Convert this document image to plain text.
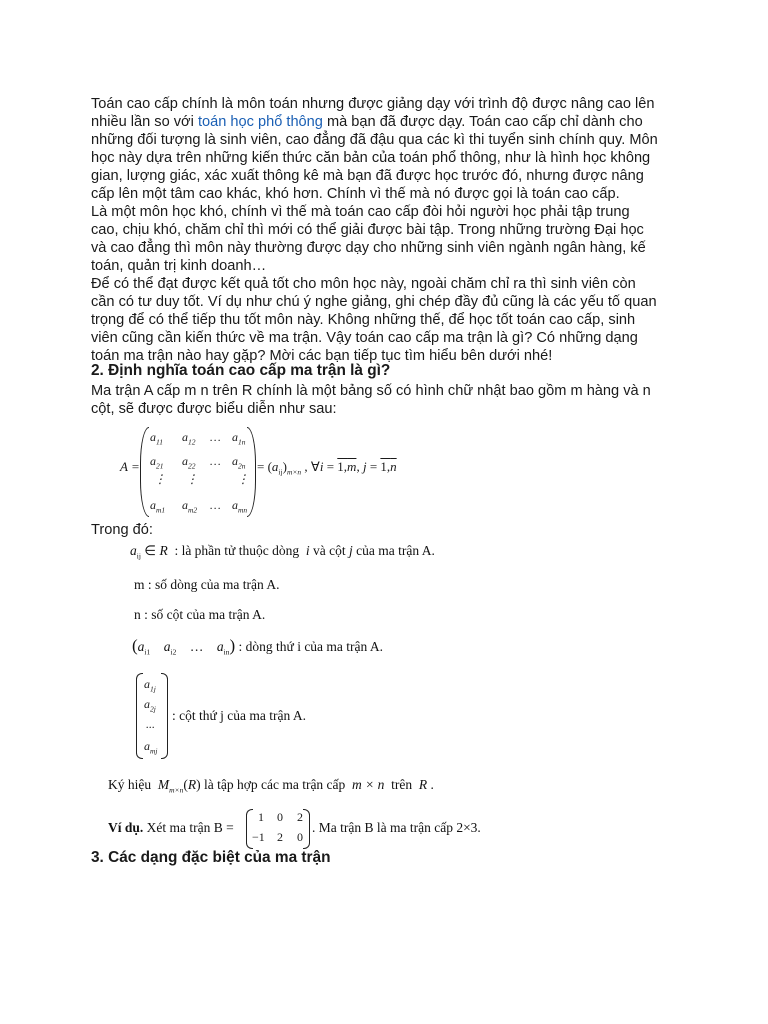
Toán cao cấp chính là môn toán nhưng được giảng dạy với trình độ được nâng cao lên
nhiều lần so với toán học phổ thông mà bạn đã được dạy. Toán cao cấp chỉ dành cho
những đối tượng là sinh viên, cao đẳng đã đậu qua các kì thi tuyển sinh chính quy. Môn
học này dựa trên những kiến thức căn bản của toán phổ thông, như là hình học không
gian, lượng giác, xác xuất thông kê mà bạn đã được học trước đó, nhưng được nâng
cấp lên một tâm cao khác, khó hơn. Chính vì thế mà nó được gọi là toán cao cấp.
Là một môn học khó, chính vì thế mà toán cao cấp đòi hỏi người học phải tập trung
cao, chịu khó, chăm chỉ thì mới có thể giải được bài tập. Trong những trường Đại học
và cao đẳng thì môn này thường được dạy cho những sinh viên ngành ngân hàng, kế
toán, quản trị kinh doanh…
Để có thể đạt được kết quả tốt cho môn học này, ngoài chăm chỉ ra thì sinh viên còn
cần có tư duy tốt. Ví dụ như chú ý nghe giảng, ghi chép đầy đủ cũng là các yếu tố quan
trọng để có thể tiếp thu tốt môn này. Không những thế, để học tốt toán cao cấp, sinh
viên cũng cần kiến thức về ma trận. Vậy toán cao cấp ma trận là gì? Có những dạng
toán ma trận nào hay gặp? Mời các bạn tiếp tục tìm hiểu bên dưới nhé!
2. Định nghĩa toán cao cấp ma trận là gì?
Ma trận A cấp m n trên R chính là một bảng số có hình chữ nhật bao gồm m hàng và n
cột, sẽ được được biểu diễn như sau:
A =
$a_{11}$ $a_{12}$ … $a_{1n}$
$a_{21}$ $a_{22}$ … $a_{2n}$
⋮ ⋮	⋮
$a_{m1}$ $a_{m2}$ … $a_{mn}$
= $(a_{ij})_{m\times n}$ , ∀i = 1,m, j = 1,n
Trong đó:
$a_{ij}$ ∈ R  : là phần tử thuộc dòng  i và cột j của ma trận A.
m : số dòng của ma trận A.
n : số cột của ma trận A.
($a_{i1}$ $a_{i2}$    …    $a_{in}$) : dòng thứ i của ma trận A.
$a_{1j}$
$a_{2j}$
...
$a_{mj}$
: cột thứ j của ma trận A.
Ký hiệu  $M_{m\times n}(R)$ là tập hợp các ma trận cấp  m × n  trên  R .
Ví dụ. Xét ma trận B =
1 0 2
−1 2 0
. Ma trận B là ma trận cấp 2×3.
3. Các dạng đặc biệt của ma trận
